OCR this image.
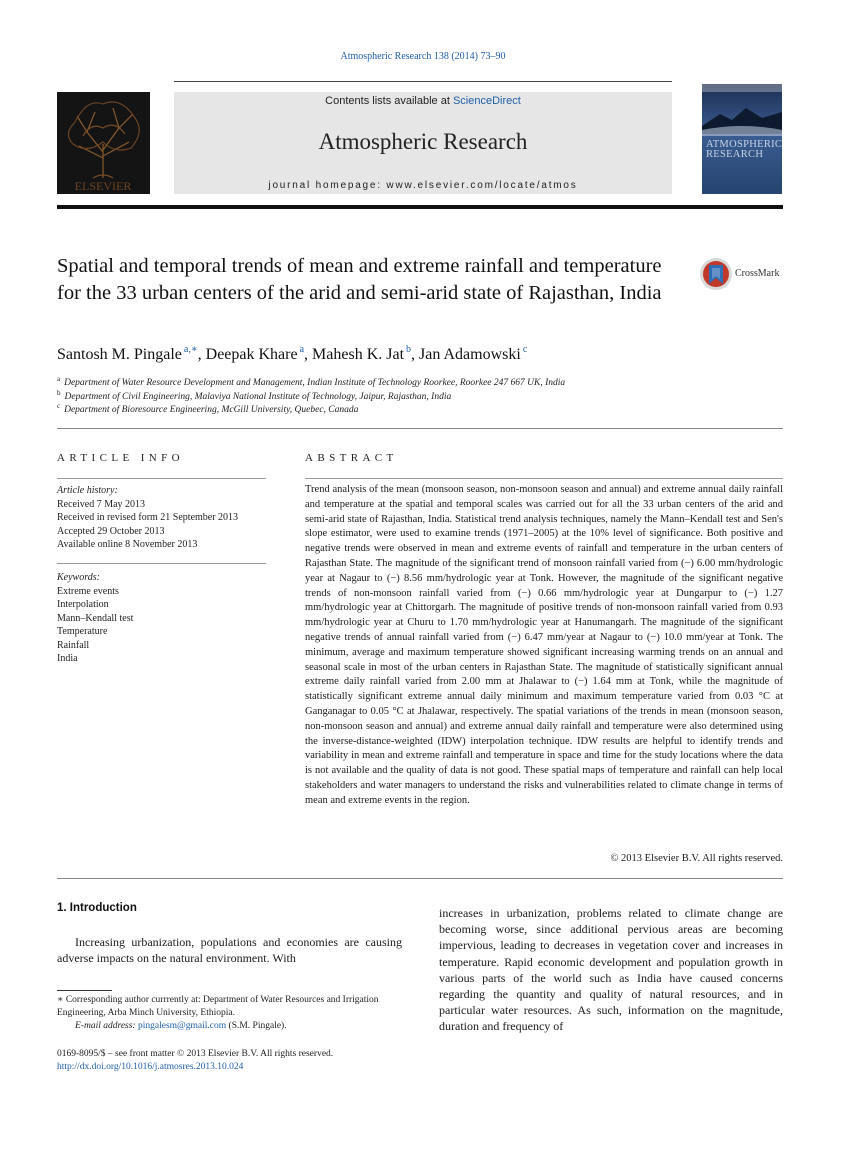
Atmospheric Research 138 (2014) 73–90
ELSEVIER
Contents lists available at ScienceDirect
Atmospheric Research
journal homepage: www.elsevier.com/locate/atmos
ATMOSPHERIC
RESEARCH
Spatial and temporal trends of mean and extreme rainfall and temperature for the 33 urban centers of the arid and semi-arid state of Rajasthan, India
CrossMark
Santosh M. Pingale $^{a,∗}$, Deepak Khare $^a$, Mahesh K. Jat $^b$, Jan Adamowski $^c$
$^a$ Department of Water Resource Development and Management, Indian Institute of Technology Roorkee, Roorkee 247 667 UK, India
$^b$ Department of Civil Engineering, Malaviya National Institute of Technology, Jaipur, Rajasthan, India
$^c$ Department of Bioresource Engineering, McGill University, Quebec, Canada
ARTICLE INFO
Article history:
Received 7 May 2013
Received in revised form 21 September 2013
Accepted 29 October 2013
Available online 8 November 2013
Keywords:
Extreme events
Interpolation
Mann–Kendall test
Temperature
Rainfall
India
ABSTRACT
Trend analysis of the mean (monsoon season, non-monsoon season and annual) and extreme annual daily rainfall and temperature at the spatial and temporal scales was carried out for all the 33 urban centers of the arid and semi-arid state of Rajasthan, India. Statistical trend analysis techniques, namely the Mann–Kendall test and Sen's slope estimator, were used to examine trends (1971–2005) at the 10% level of significance. Both positive and negative trends were observed in mean and extreme events of rainfall and temperature in the urban centers of Rajasthan State. The magnitude of the significant trend of monsoon rainfall varied from (−) 6.00 mm/hydrologic year at Nagaur to (−) 8.56 mm/hydrologic year at Tonk. However, the magnitude of the significant negative trends of non-monsoon rainfall varied from (−) 0.66 mm/hydrologic year at Dungarpur to (−) 1.27 mm/hydrologic year at Chittorgarh. The magnitude of positive trends of non-monsoon rainfall varied from 0.93 mm/hydrologic year at Churu to 1.70 mm/hydrologic year at Hanumangarh. The magnitude of the significant negative trends of annual rainfall varied from (−) 6.47 mm/year at Nagaur to (−) 10.0 mm/year at Tonk. The minimum, average and maximum temperature showed significant increasing warming trends on an annual and seasonal scale in most of the urban centers in Rajasthan State. The magnitude of statistically significant annual extreme daily rainfall varied from 2.00 mm at Jhalawar to (−) 1.64 mm at Tonk, while the magnitude of statistically significant extreme annual daily minimum and maximum temperature varied from 0.03 °C at Ganganagar to 0.05 °C at Jhalawar, respectively. The spatial variations of the trends in mean (monsoon season, non-monsoon season and annual) and extreme annual daily rainfall and temperature were also determined using the inverse-distance-weighted (IDW) interpolation technique. IDW results are helpful to identify trends and variability in mean and extreme rainfall and temperature in space and time for the study locations where the data is not available and the quality of data is not good. These spatial maps of temperature and rainfall can help local stakeholders and water managers to understand the risks and vulnerabilities related to climate change in terms of mean and extreme events in the region.
© 2013 Elsevier B.V. All rights reserved.
1. Introduction
Increasing urbanization, populations and economies are causing adverse impacts on the natural environment. With
increases in urbanization, problems related to climate change are becoming worse, since additional pervious areas are becoming impervious, leading to decreases in vegetation cover and increases in temperature. Rapid economic development and population growth in various parts of the world such as India have caused concerns regarding the quantity and quality of natural resources, and in particular water resources. As such, information on the magnitude, duration and frequency of
∗ Corresponding author currrently at: Department of Water Resources and Irrigation Engineering, Arba Minch University, Ethiopia.
E-mail address: pingalesm@gmail.com (S.M. Pingale).
0169-8095/$ – see front matter © 2013 Elsevier B.V. All rights reserved.
http://dx.doi.org/10.1016/j.atmosres.2013.10.024
